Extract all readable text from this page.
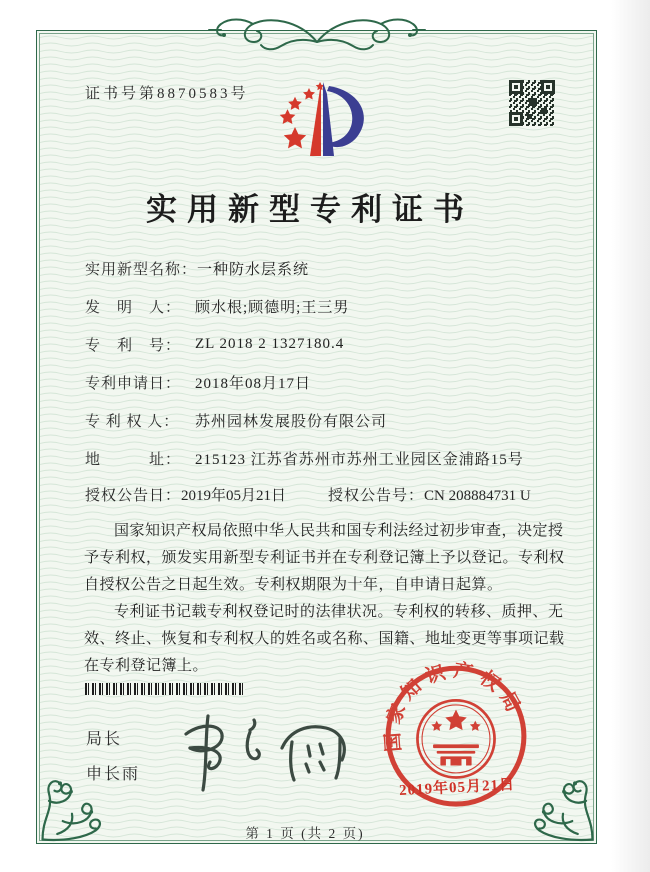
证书号第8870583号
实用新型专利证书
实用新型名称： 一种防水层系统
发　明　人： 顾水根;顾德明;王三男
专　利　号： ZL 2018 2 1327180.4
专利申请日： 2018年08月17日
专 利 权 人：	苏州园林发展股份有限公司
地　　　址： 215123 江苏省苏州市苏州工业园区金浦路15号
授权公告日：2019年05月21日	授权公告号：CN 208884731 U

国家知识产权局依照中华人民共和国专利法经过初步审查，决定授予专利权，颁发实用新型专利证书并在专利登记簿上予以登记。专利权自授权公告之日起生效。专利权期限为十年，自申请日起算。

专利证书记载专利权登记时的法律状况。专利权的转移、质押、无效、终止、恢复和专利权人的姓名或名称、国籍、地址变更等事项记载在专利登记簿上。

局长
申长雨
国家知识产权局
2019年05月21日
第 1 页 (共 2 页)
